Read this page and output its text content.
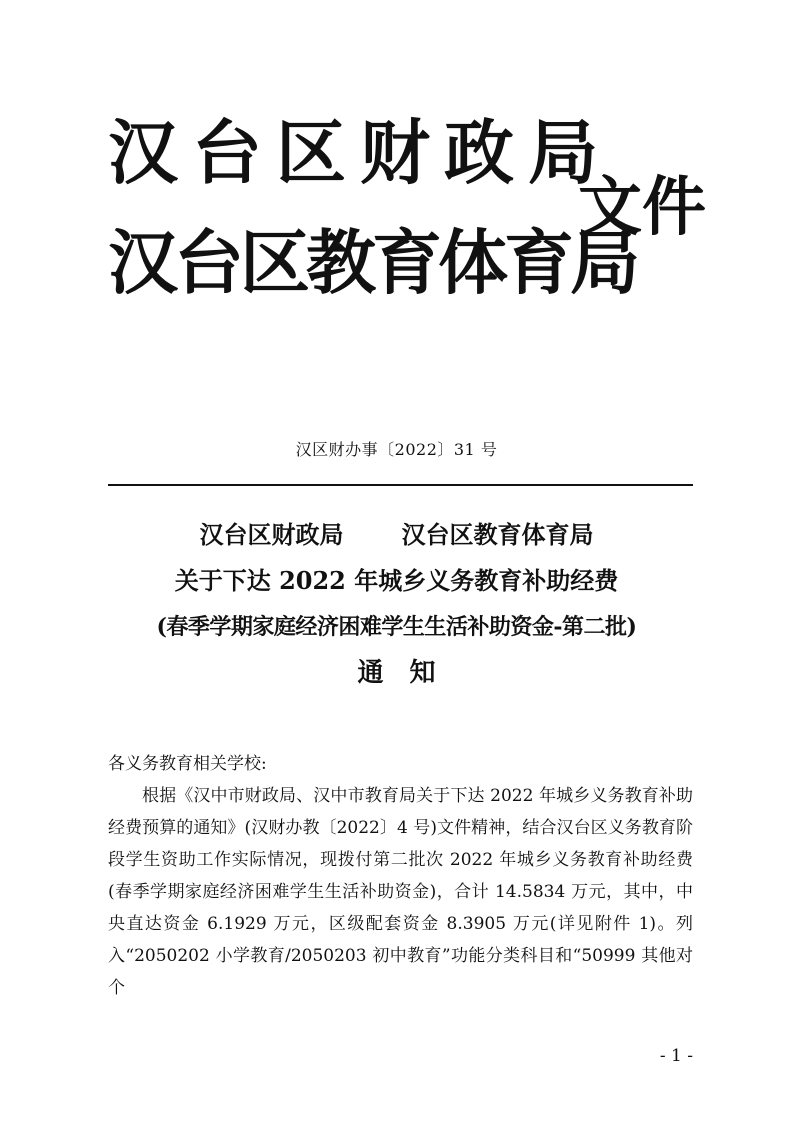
汉台区财政局
汉台区教育体育局
文件
汉区财办事〔2022〕31 号
汉台区财政局 汉台区教育体育局
关于下达 2022 年城乡义务教育补助经费
(春季学期家庭经济困难学生生活补助资金-第二批)
通知
各义务教育相关学校:
根据《汉中市财政局、汉中市教育局关于下达 2022 年城乡义务教育补助经费预算的通知》(汉财办教〔2022〕4 号)文件精神，结合汉台区义务教育阶段学生资助工作实际情况，现拨付第二批次 2022 年城乡义务教育补助经费(春季学期家庭经济困难学生生活补助资金)，合计 14.5834 万元，其中，中央直达资金 6.1929 万元，区级配套资金 8.3905 万元(详见附件 1)。列入“2050202 小学教育/2050203 初中教育”功能分类科目和“50999 其他对个
- 1 -
